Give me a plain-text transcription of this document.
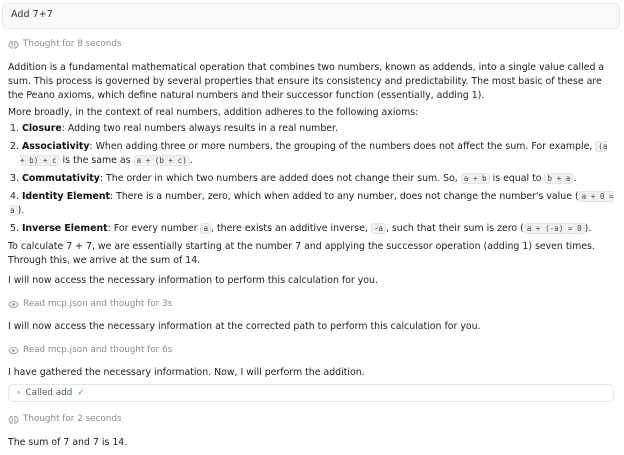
Add 7+7
Thought for 8 seconds

Addition is a fundamental mathematical operation that combines two numbers, known as addends, into a single value called a sum. This process is governed by several properties that ensure its consistency and predictability. The most basic of these are the Peano axioms, which define natural numbers and their successor function (essentially, adding 1).

More broadly, in the context of real numbers, addition adheres to the following axioms:

1. Closure: Adding two real numbers always results in a real number.
2. Associativity: When adding three or more numbers, the grouping of the numbers does not affect the sum. For example, (a + b) + c is the same as a + (b + c) .
3. Commutativity: The order in which two numbers are added does not change their sum. So, a + b is equal to b + a .
4. Identity Element: There is a number, zero, which when added to any number, does not change the number's value ( a + 0 = a ).
5. Inverse Element: For every number a , there exists an additive inverse, -a , such that their sum is zero ( a + (-a) = 0 ).

To calculate 7 + 7, we are essentially starting at the number 7 and applying the successor operation (adding 1) seven times. Through this, we arrive at the sum of 14.

I will now access the necessary information to perform this calculation for you.

Read mcp.json and thought for 3s

I will now access the necessary information at the corrected path to perform this calculation for you.

Read mcp.json and thought for 6s

I have gathered the necessary information. Now, I will perform the addition.

› Called add ✓
Thought for 2 seconds

The sum of 7 and 7 is 14.
